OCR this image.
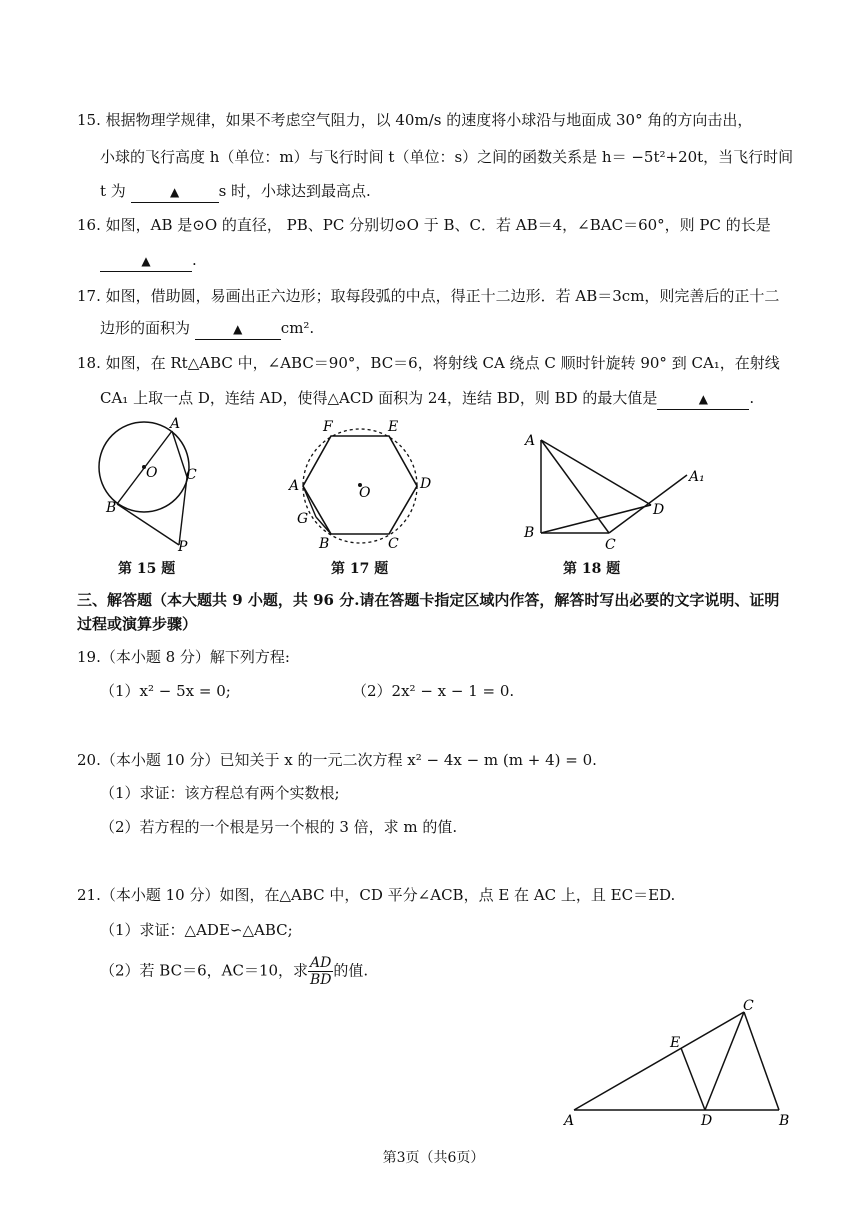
15. 根据物理学规律，如果不考虑空气阻力，以 40m/s 的速度将小球沿与地面成 30° 角的方向击出，
小球的飞行高度 h（单位：m）与飞行时间 t（单位：s）之间的函数关系是 h＝ −5t²+20t，当飞行时间
t 为	▲	s 时，小球达到最高点.
16. 如图，AB 是⊙O 的直径， PB、PC 分别切⊙O 于 B、C．若 AB＝4，∠BAC＝60°，则 PC 的长是
▲	.
17. 如图，借助圆，易画出正六边形；取每段弧的中点，得正十二边形．若 AB＝3cm，则完善后的正十二
边形的面积为	▲	cm².
18. 如图，在 Rt△ABC 中，∠ABC＝90°，BC＝6，将射线 CA 绕点 C 顺时针旋转 90° 到 CA₁，在射线
CA₁ 上取一点 D，连结 AD，使得△ACD 面积为 24，连结 BD，则 BD 的最大值是	▲	.
A
O C
B
P
第 15 题
F	E
A	O
D
G
B	C
第 17 题
A
A₁
D
B
C
第 18 题
三、解答题（本大题共 9 小题，共 96 分.请在答题卡指定区域内作答，解答时写出必要的文字说明、证明
过程或演算步骤）
19.（本小题 8 分）解下列方程:
（1）x² − 5x = 0;	（2）2x² − x − 1 = 0.
20.（本小题 10 分）已知关于 x 的一元二次方程 x² − 4x − m (m + 4) = 0.
（1）求证：该方程总有两个实数根;
（2）若方程的一个根是另一个根的 3 倍，求 m 的值.
21.（本小题 10 分）如图，在△ABC 中，CD 平分∠ACB，点 E 在 AC 上，且 EC＝ED.
（1）求证：△ADE∽△ABC;
（2）若 BC＝6，AC＝10，求 $\frac{AD}{BD}$ 的值.
C
E
A	D	B
第3页（共6页）
